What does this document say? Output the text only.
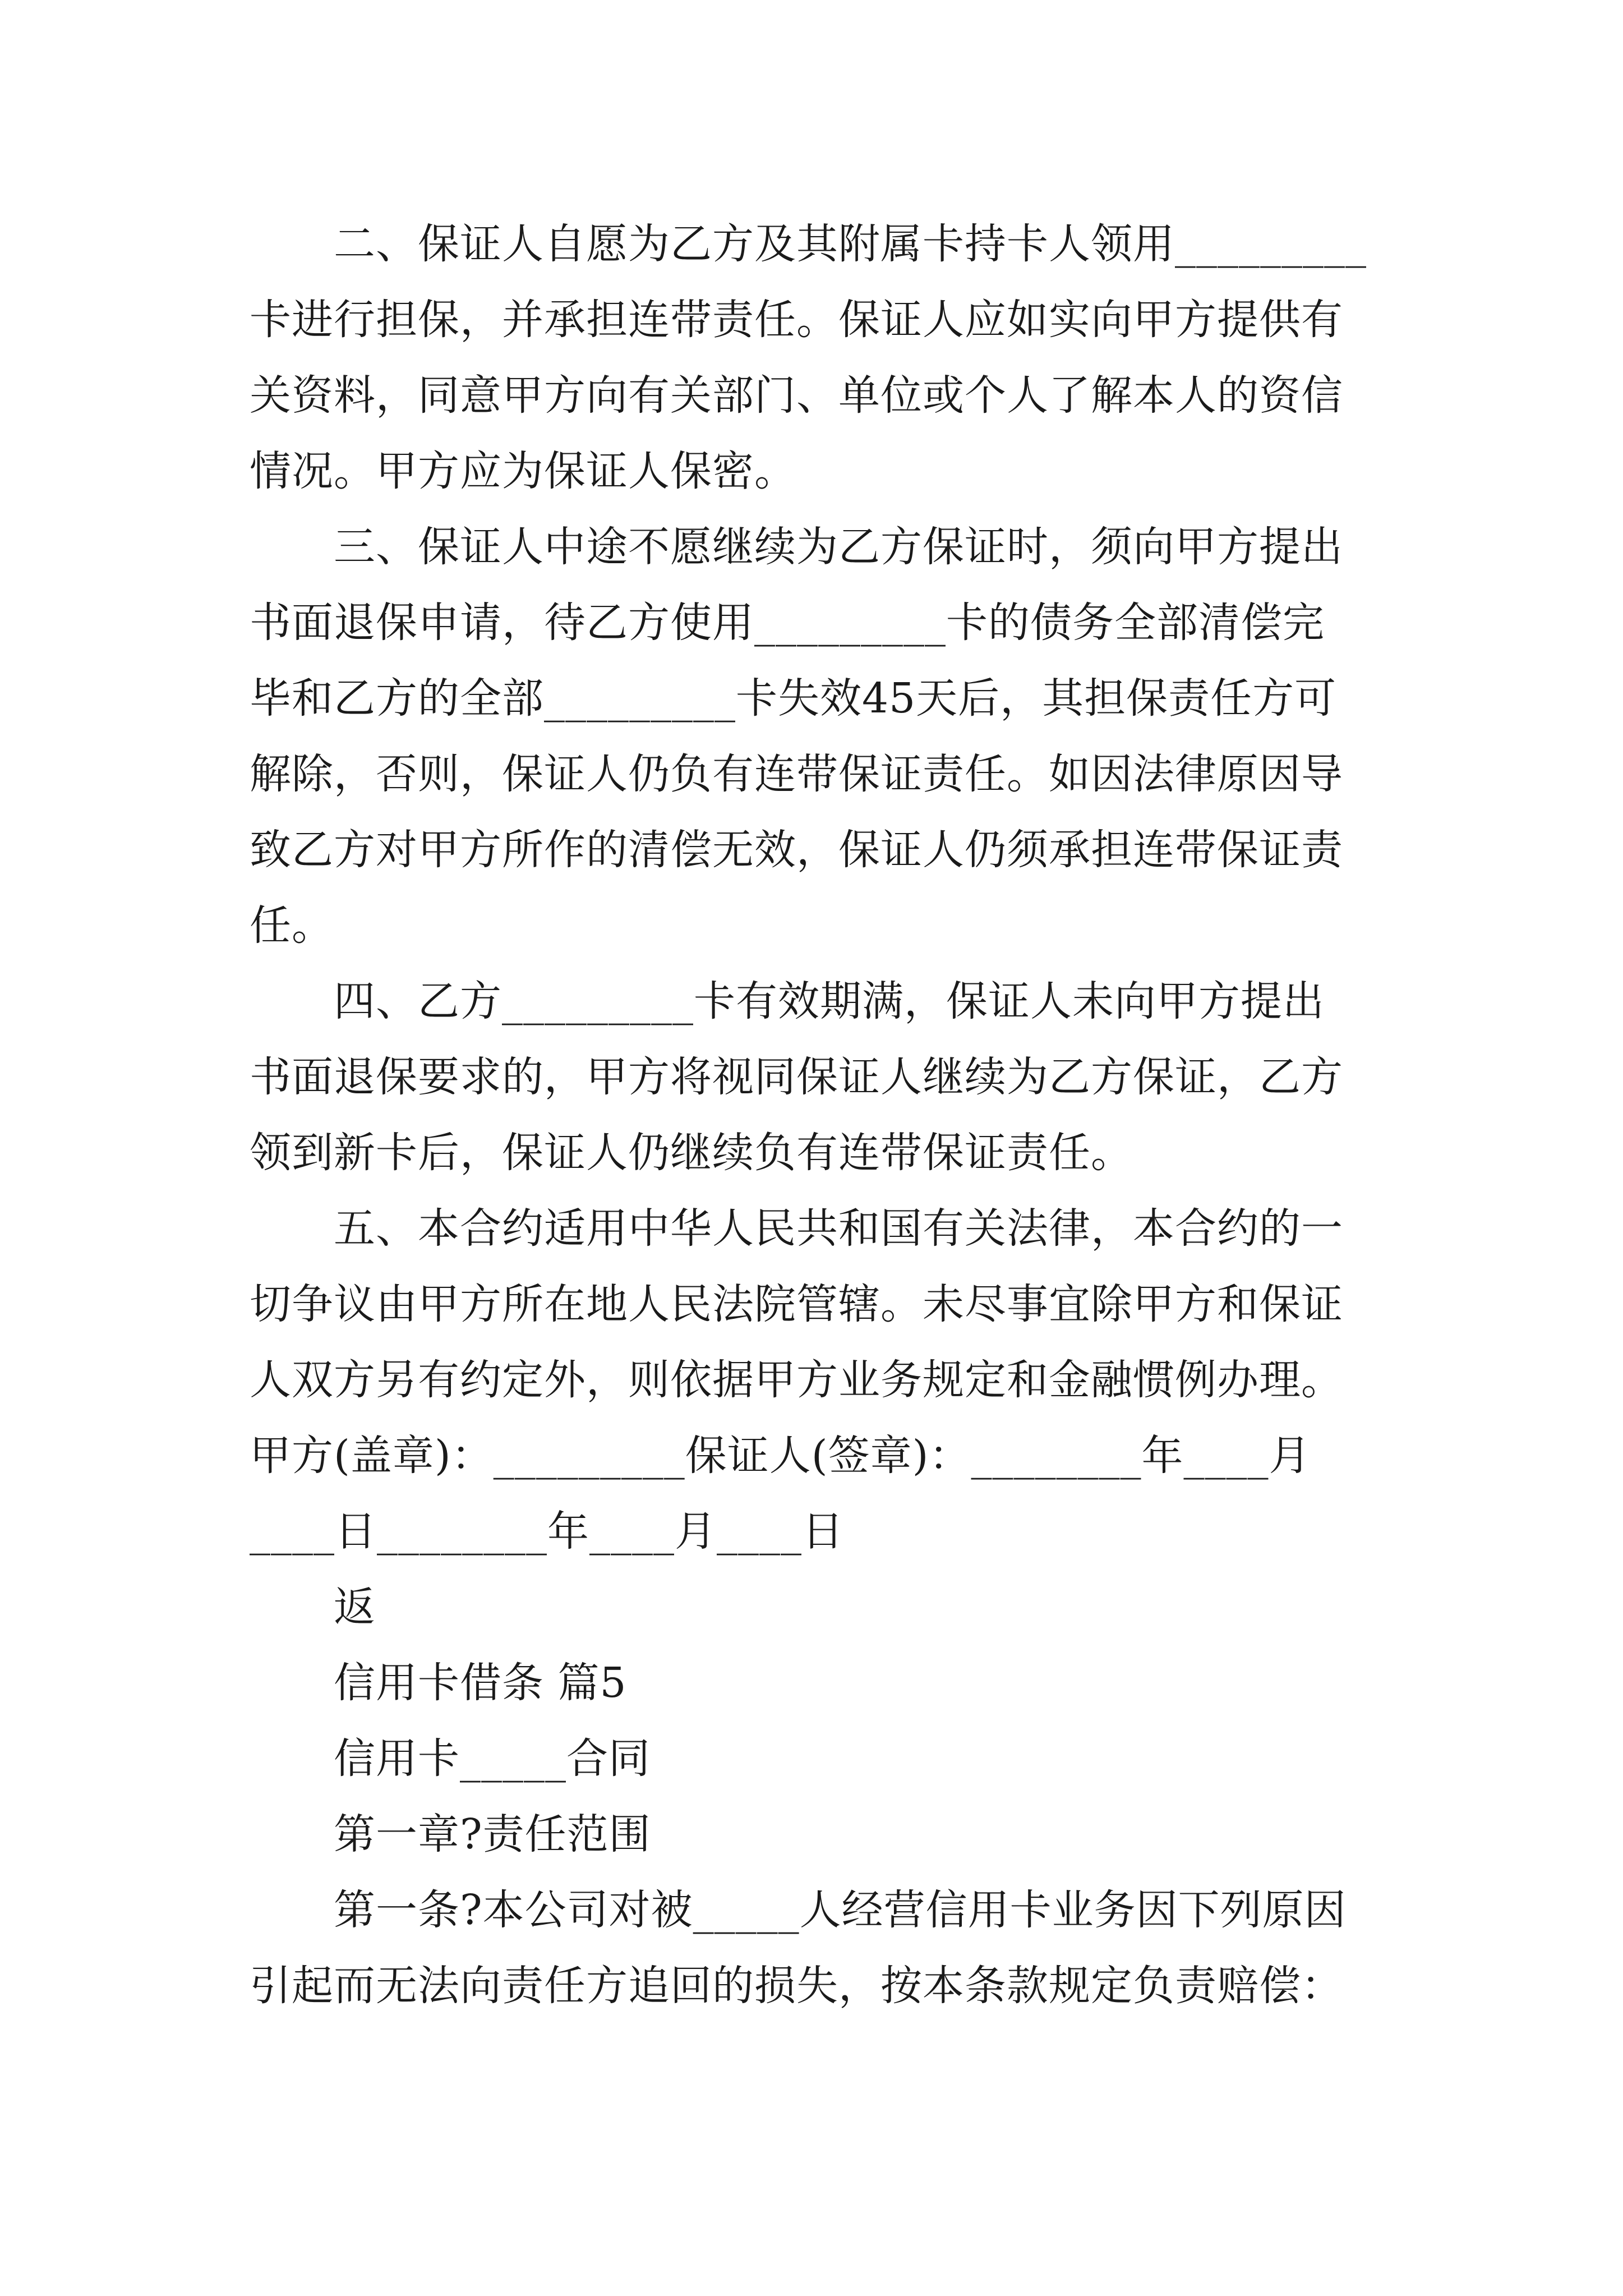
二、保证人自愿为乙方及其附属卡持卡人领用_________
卡进行担保，并承担连带责任。保证人应如实向甲方提供有
关资料，同意甲方向有关部门、单位或个人了解本人的资信
情况。甲方应为保证人保密。
三、保证人中途不愿继续为乙方保证时，须向甲方提出
书面退保申请，待乙方使用_________卡的债务全部清偿完
毕和乙方的全部_________卡失效45天后，其担保责任方可
解除，否则，保证人仍负有连带保证责任。如因法律原因导
致乙方对甲方所作的清偿无效，保证人仍须承担连带保证责
任。
四、乙方_________卡有效期满，保证人未向甲方提出
书面退保要求的，甲方将视同保证人继续为乙方保证，乙方
领到新卡后，保证人仍继续负有连带保证责任。
五、本合约适用中华人民共和国有关法律，本合约的一
切争议由甲方所在地人民法院管辖。未尽事宜除甲方和保证
人双方另有约定外，则依据甲方业务规定和金融惯例办理。
甲方(盖章)：_________保证人(签章)：________年____月
____日________年____月____日
返
信用卡借条 篇5
信用卡_____合同
第一章?责任范围
第一条?本公司对被_____人经营信用卡业务因下列原因
引起而无法向责任方追回的损失，按本条款规定负责赔偿：
